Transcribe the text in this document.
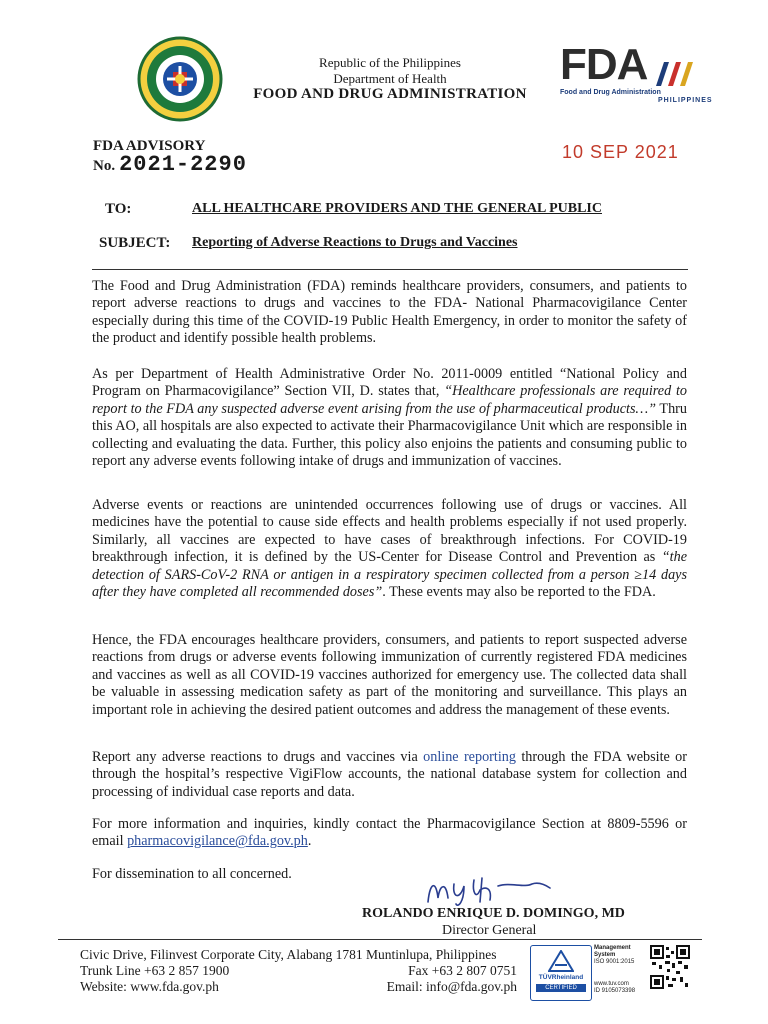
Republic of the Philippines
Department of Health
FOOD AND DRUG ADMINISTRATION
FDA
Food and Drug Administration
PHILIPPINES
FDA ADVISORY
No. 2021-2290	10 SEP 2021
TO:	ALL HEALTHCARE PROVIDERS AND THE GENERAL PUBLIC
SUBJECT: Reporting of Adverse Reactions to Drugs and Vaccines

The Food and Drug Administration (FDA) reminds healthcare providers, consumers, and patients to report adverse reactions to drugs and vaccines to the FDA- National Pharmacovigilance Center especially during this time of the COVID-19 Public Health Emergency, in order to monitor the safety of the product and identify possible health problems.

As per Department of Health Administrative Order No. 2011-0009 entitled “National Policy and Program on Pharmacovigilance” Section VII, D. states that, “Healthcare professionals are required to report to the FDA any suspected adverse event arising from the use of pharmaceutical products…” Thru this AO, all hospitals are also expected to activate their Pharmacovigilance Unit which are responsible in collecting and evaluating the data. Further, this policy also enjoins the patients and consuming public to report any adverse events following intake of drugs and immunization of vaccines.

Adverse events or reactions are unintended occurrences following use of drugs or vaccines. All medicines have the potential to cause side effects and health problems especially if not used properly. Similarly, all vaccines are expected to have cases of breakthrough infections. For COVID-19 breakthrough infection, it is defined by the US-Center for Disease Control and Prevention as “the detection of SARS-CoV-2 RNA or antigen in a respiratory specimen collected from a person ≥14 days after they have completed all recommended doses”. These events may also be reported to the FDA.

Hence, the FDA encourages healthcare providers, consumers, and patients to report suspected adverse reactions from drugs or adverse events following immunization of currently registered FDA medicines and vaccines as well as all COVID-19 vaccines authorized for emergency use. The collected data shall be valuable in assessing medication safety as part of the monitoring and surveillance. This plays an important role in achieving the desired patient outcomes and address the management of these events.

Report any adverse reactions to drugs and vaccines via online reporting through the FDA website or through the hospital’s respective VigiFlow accounts, the national database system for collection and processing of individual case reports and data.

For more information and inquiries, kindly contact the Pharmacovigilance Section at 8809-5596 or email pharmacovigilance@fda.gov.ph.

For dissemination to all concerned.

ROLANDO ENRIQUE D. DOMINGO, MD
Director General
Civic Drive, Filinvest Corporate City, Alabang 1781 Muntinlupa, Philippines
Trunk Line +63 2 857 1900
Website: www.fda.gov.ph
Fax +63 2 807 0751
Email: info@fda.gov.ph
TÜVRheinland
CERTIFIED
Management
System
ISO 9001:2015
www.tuv.com
ID 9105073398
